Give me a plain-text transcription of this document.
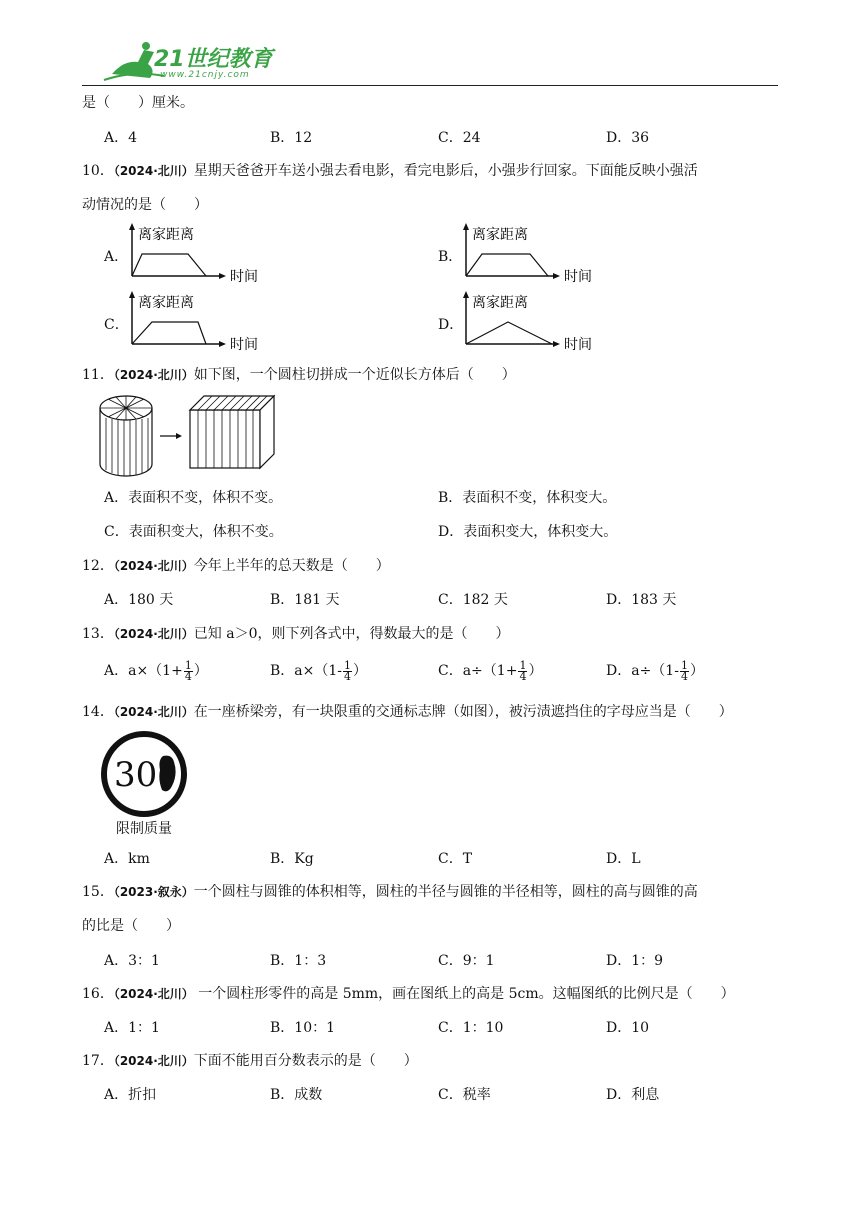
21世纪教育
www.21cnjy.com
是（　　）厘米。
A．4	B．12	C．24	D．36
10．（2024·北川）星期天爸爸开车送小强去看电影，看完电影后，小强步行回家。下面能反映小强活
动情况的是（　　）
A．	B．
C．	D．
离家距离
时间
离家距离
时间
离家距离
时间
离家距离
时间
11．（2024·北川）如下图，一个圆柱切拼成一个近似长方体后（　　）
A．表面积不变，体积不变。	B．表面积不变，体积变大。
C．表面积变大，体积不变。	D．表面积变大，体积变大。
12．（2024·北川）今年上半年的总天数是（　　）
A．180 天	B．181 天	C．182 天	D．183 天
13．（2024·北川）已知 a＞0，则下列各式中，得数最大的是（　　）
A．$a\times(1+ \frac{1}{4}$ ）	B．$a\times(1- \frac{1}{4}$ ）	C．$a\div(1+ \frac{1}{4}$ ）	D．$a\div(1- \frac{1}{4}$ ）
14．（2024·北川）在一座桥梁旁，有一块限重的交通标志牌（如图），被污渍遮挡住的字母应当是（　　）
30
限制质量
A．km	B．Kg	C．T	D．L
15．（2023·叙永）一个圆柱与圆锥的体积相等，圆柱的半径与圆锥的半径相等，圆柱的高与圆锥的高
的比是（　　）
A．3：1	B．1：3	C．9：1	D．1：9
16．（2024·北川） 一个圆柱形零件的高是 5mm，画在图纸上的高是 5cm。这幅图纸的比例尺是（　　）
A．1：1	B．10：1	C．1：10	D．10
17．（2024·北川）下面不能用百分数表示的是（　　）
A．折扣	B．成数	C．税率	D．利息
